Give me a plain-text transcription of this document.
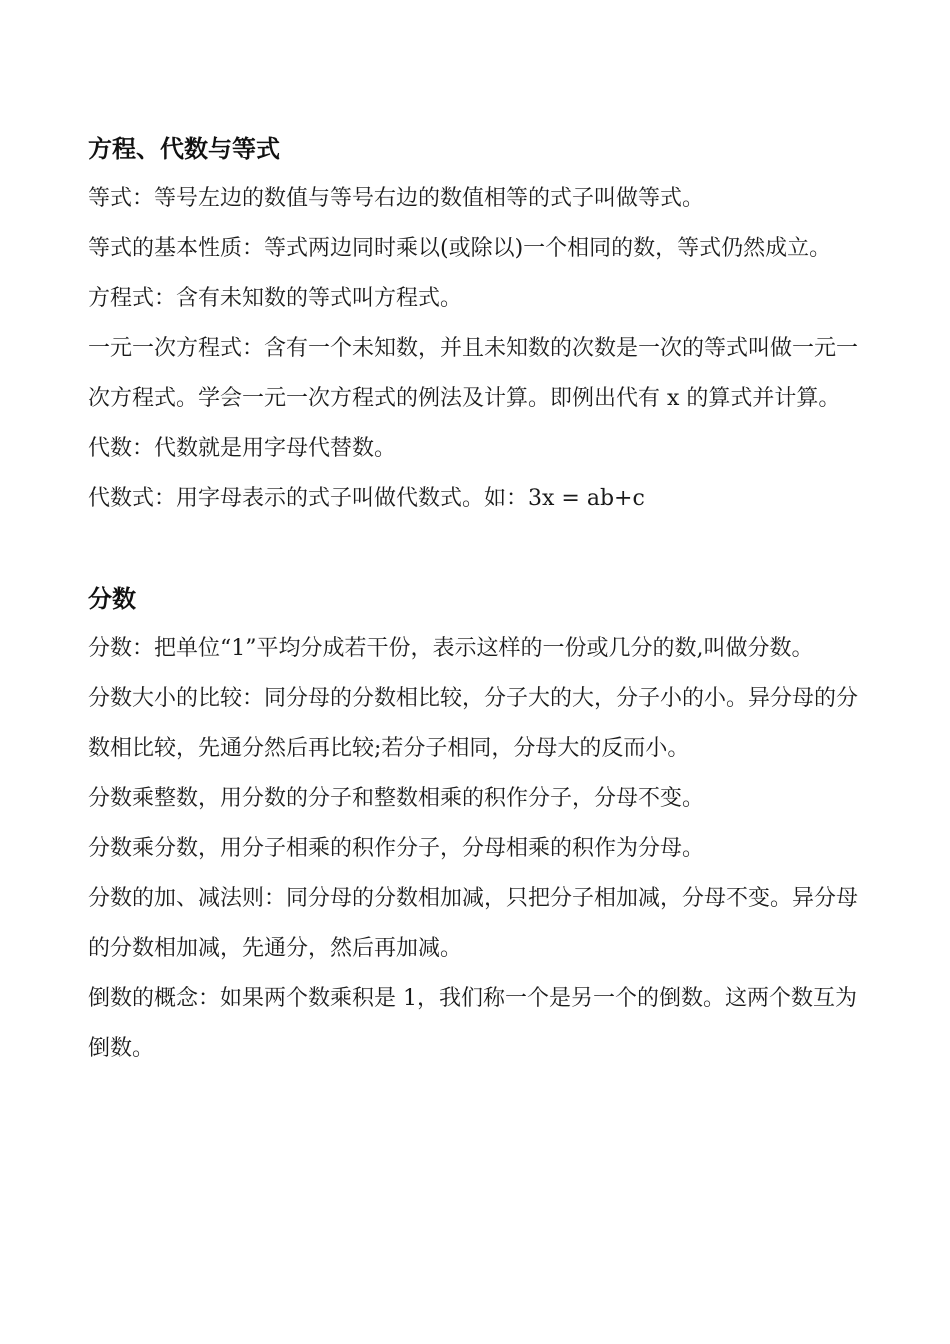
方程、代数与等式

等式：等号左边的数值与等号右边的数值相等的式子叫做等式。

等式的基本性质：等式两边同时乘以(或除以)一个相同的数，等式仍然成立。

方程式：含有未知数的等式叫方程式。

一元一次方程式：含有一个未知数，并且未知数的次数是一次的等式叫做一元一次方程式。学会一元一次方程式的例法及计算。即例出代有 x 的算式并计算。

代数：代数就是用字母代替数。

代数式：用字母表示的式子叫做代数式。如：3x = ab+c

分数

分数：把单位“1”平均分成若干份，表示这样的一份或几分的数,叫做分数。

分数大小的比较：同分母的分数相比较，分子大的大，分子小的小。异分母的分数相比较，先通分然后再比较;若分子相同，分母大的反而小。

分数乘整数，用分数的分子和整数相乘的积作分子，分母不变。

分数乘分数，用分子相乘的积作分子，分母相乘的积作为分母。

分数的加、减法则：同分母的分数相加减，只把分子相加减，分母不变。异分母的分数相加减，先通分，然后再加减。

倒数的概念：如果两个数乘积是 1，我们称一个是另一个的倒数。这两个数互为倒数。
